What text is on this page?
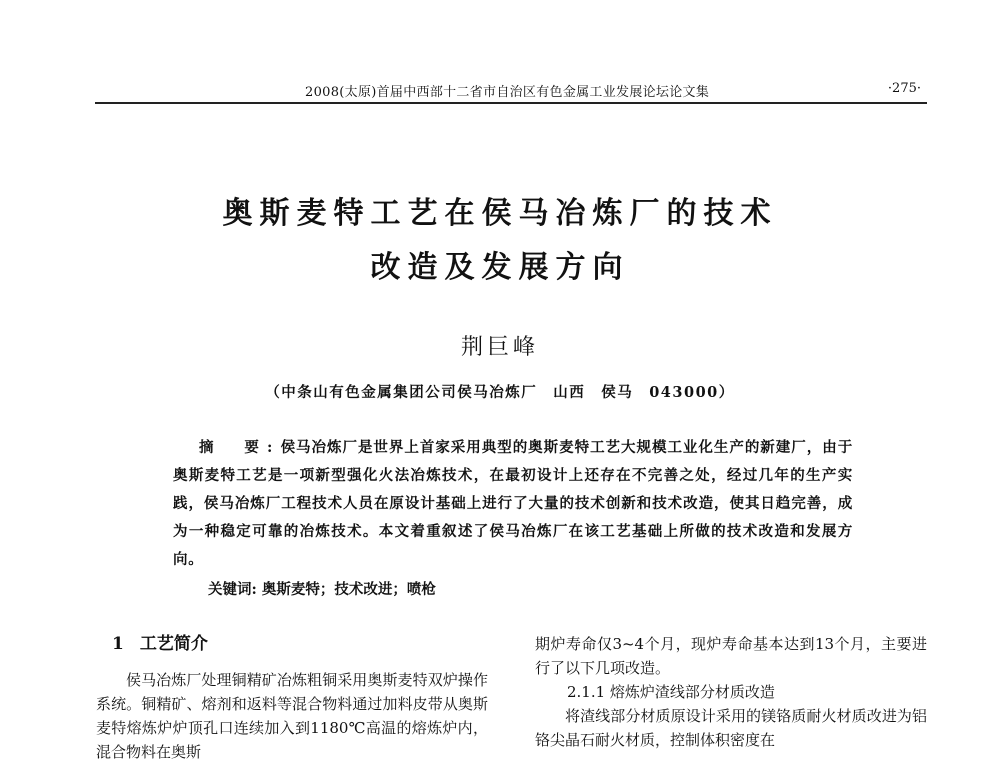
2008(太原)首届中西部十二省市自治区有色金属工业发展论坛论文集	·275·
奥斯麦特工艺在侯马冶炼厂的技术
改造及发展方向
荆巨峰
（中条山有色金属集团公司侯马冶炼厂　山西　侯马　043000）
摘　要:侯马冶炼厂是世界上首家采用典型的奥斯麦特工艺大规模工业化生产的新建厂，由于奥斯麦特工艺是一项新型强化火法冶炼技术，在最初设计上还存在不完善之处，经过几年的生产实践，侯马冶炼厂工程技术人员在原设计基础上进行了大量的技术创新和技术改造，使其日趋完善，成为一种稳定可靠的冶炼技术。本文着重叙述了侯马冶炼厂在该工艺基础上所做的技术改造和发展方向。
关键词: 奥斯麦特；技术改进；喷枪
1 工艺简介

侯马冶炼厂处理铜精矿冶炼粗铜采用奥斯麦特双炉操作系统。铜精矿、熔剂和返料等混合物料通过加料皮带从奥斯麦特熔炼炉炉顶孔口连续加入到1180℃高温的熔炼炉内，混合物料在奥斯

期炉寿命仅3~4个月，现炉寿命基本达到13个月，主要进行了以下几项改造。

2.1.1 熔炼炉渣线部分材质改造

将渣线部分材质原设计采用的镁铬质耐火材质改进为铝铬尖晶石耐火材质，控制体积密度在
